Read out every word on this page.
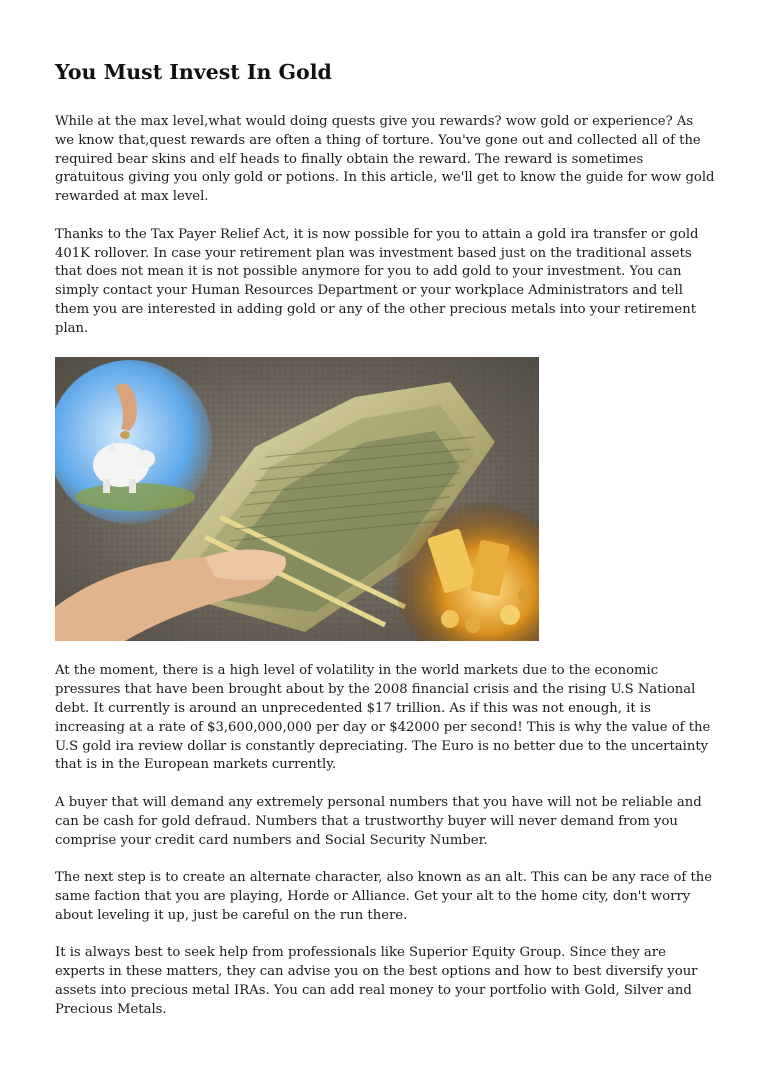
You Must Invest In Gold

While at the max level,what would doing quests give you rewards? wow gold or experience? As we know that,quest rewards are often a thing of torture. You've gone out and collected all of the required bear skins and elf heads to finally obtain the reward. The reward is sometimes gratuitous giving you only gold or potions. In this article, we'll get to know the guide for wow gold rewarded at max level.

Thanks to the Tax Payer Relief Act, it is now possible for you to attain a gold ira transfer or gold 401K rollover. In case your retirement plan was investment based just on the traditional assets that does not mean it is not possible anymore for you to add gold to your investment. You can simply contact your Human Resources Department or your workplace Administrators and tell them you are interested in adding gold or any of the other precious metals into your retirement plan.

At the moment, there is a high level of volatility in the world markets due to the economic pressures that have been brought about by the 2008 financial crisis and the rising U.S National debt. It currently is around an unprecedented $17 trillion. As if this was not enough, it is increasing at a rate of $3,600,000,000 per day or $42000 per second! This is why the value of the U.S gold ira review dollar is constantly depreciating. The Euro is no better due to the uncertainty that is in the European markets currently.

A buyer that will demand any extremely personal numbers that you have will not be reliable and can be cash for gold defraud. Numbers that a trustworthy buyer will never demand from you comprise your credit card numbers and Social Security Number.

The next step is to create an alternate character, also known as an alt. This can be any race of the same faction that you are playing, Horde or Alliance. Get your alt to the home city, don't worry about leveling it up, just be careful on the run there.

It is always best to seek help from professionals like Superior Equity Group. Since they are experts in these matters, they can advise you on the best options and how to best diversify your assets into precious metal IRAs. You can add real money to your portfolio with Gold, Silver and Precious Metals.
